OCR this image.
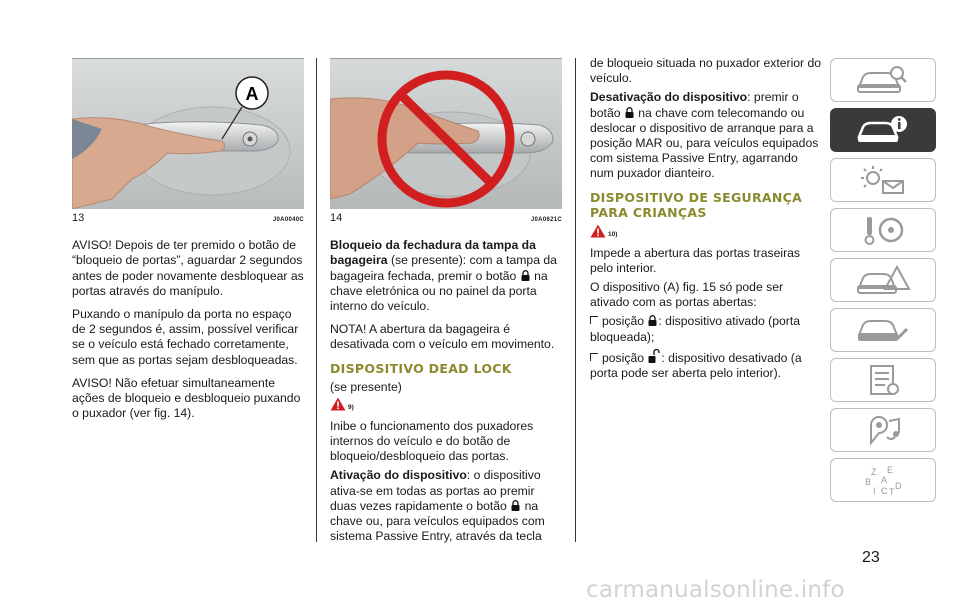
A
13	J0A0040C

AVISO! Depois de ter premido o botão de “bloqueio de portas”, aguardar 2 segundos antes de poder novamente desbloquear as portas através do manípulo.

Puxando o manípulo da porta no espaço de 2 segundos é, assim, possível verificar se o veículo está fechado corretamente, sem que as portas sejam desbloqueadas.

AVISO! Não efetuar simultaneamente ações de bloqueio e desbloqueio puxando o puxador (ver fig. 14).

14	J0A0621C

Bloqueio da fechadura da tampa da bagageira (se presente): com a tampa da bagageira fechada, premir o botão  na chave eletrónica ou no painel da porta interno do veículo.

NOTA! A abertura da bagageira é desativada com o veículo em movimento.

DISPOSITIVO DEAD LOCK

(se presente)

9)

Inibe o funcionamento dos puxadores internos do veículo e do botão de bloqueio/desbloqueio das portas.

Ativação do dispositivo: o dispositivo ativa-se em todas as portas ao premir duas vezes rapidamente o botão  na chave ou, para veículos equipados com sistema Passive Entry, através da tecla

de bloqueio situada no puxador exterior do veículo.

Desativação do dispositivo: premir o botão  na chave com telecomando ou deslocar o dispositivo de arranque para a posição MAR ou, para veículos equipados com sistema Passive Entry, agarrando num puxador dianteiro.

DISPOSITIVO DE SEGURANÇA PARA CRIANÇAS
10)

Impede a abertura das portas traseiras pelo interior.

O dispositivo (A) fig. 15 só pode ser ativado com as portas abertas:

posição : dispositivo ativado (porta bloqueada);

posição : dispositivo desativado (a porta pode ser aberta pelo interior).

Z E
B A
D
I C T
23
carmanualsonline.info
